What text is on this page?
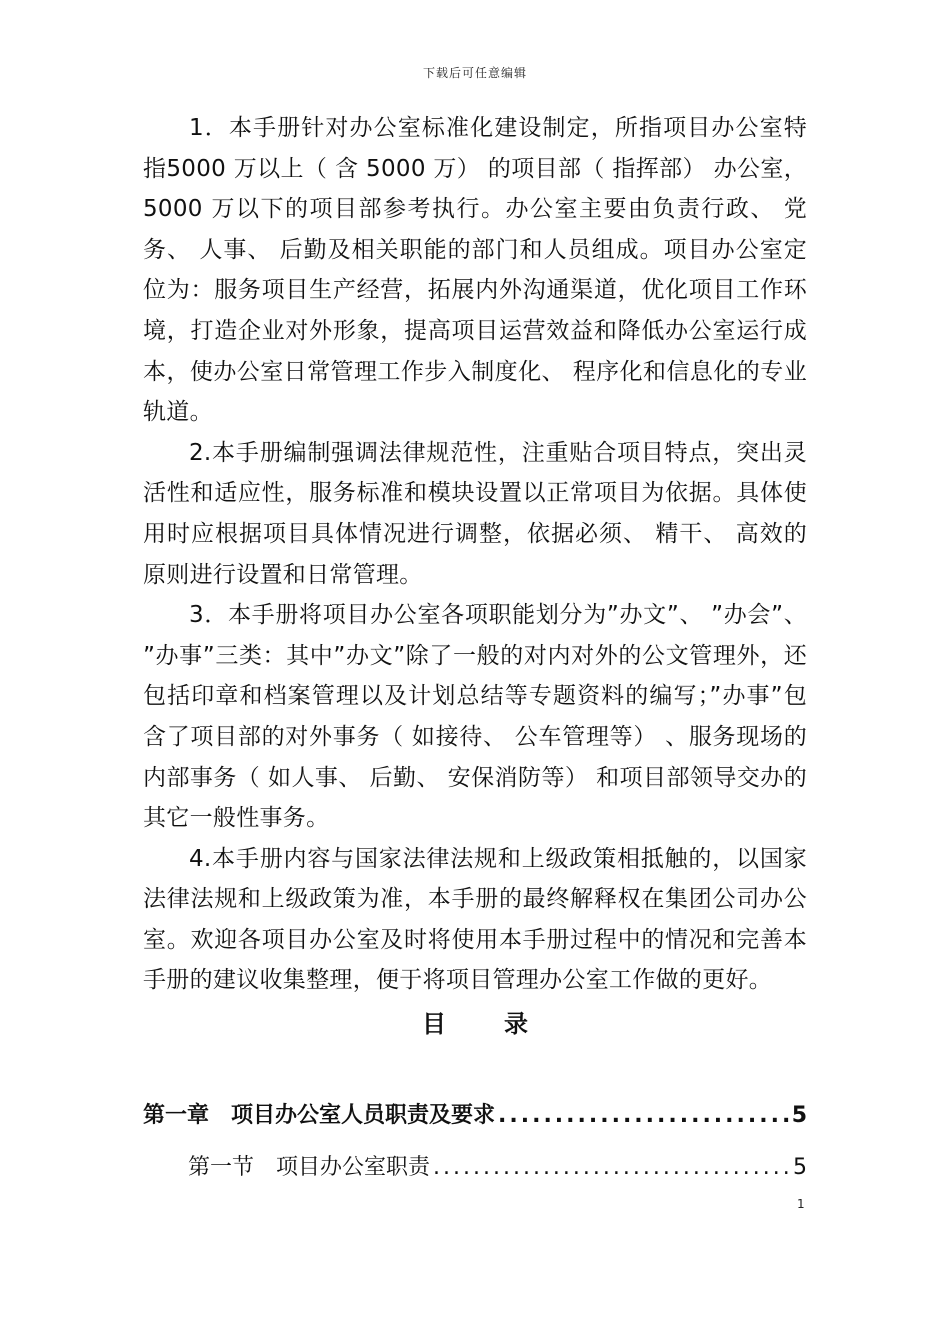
下载后可任意编辑

1．本手册针对办公室标准化建设制定，所指项目办公室特指5000 万以上（ 含 5000 万） 的项目部（ 指挥部） 办公室，5000 万以下的项目部参考执行。办公室主要由负责行政、 党务、 人事、 后勤及相关职能的部门和人员组成。项目办公室定位为：服务项目生产经营，拓展内外沟通渠道，优化项目工作环境，打造企业对外形象，提高项目运营效益和降低办公室运行成本，使办公室日常管理工作步入制度化、 程序化和信息化的专业轨道。

2.本手册编制强调法律规范性，注重贴合项目特点，突出灵活性和适应性，服务标准和模块设置以正常项目为依据。具体使用时应根据项目具体情况进行调整，依据必须、 精干、 高效的原则进行设置和日常管理。

3．本手册将项目办公室各项职能划分为”办文”、 ”办会”、 ”办事”三类：其中”办文”除了一般的对内对外的公文管理外，还包括印章和档案管理以及计划总结等专题资料的编写；”办事”包含了项目部的对外事务（ 如接待、 公车管理等） 、服务现场的内部事务（ 如人事、 后勤、 安保消防等） 和项目部领导交办的其它一般性事务。

4.本手册内容与国家法律法规和上级政策相抵触的，以国家法律法规和上级政策为准，本手册的最终解释权在集团公司办公室。欢迎各项目办公室及时将使用本手册过程中的情况和完善本手册的建议收集整理，便于将项目管理办公室工作做的更好。

目录
第一章　项目办公室人员职责及要求 .....	5
第一节　项目办公室职责 .....	5
1
